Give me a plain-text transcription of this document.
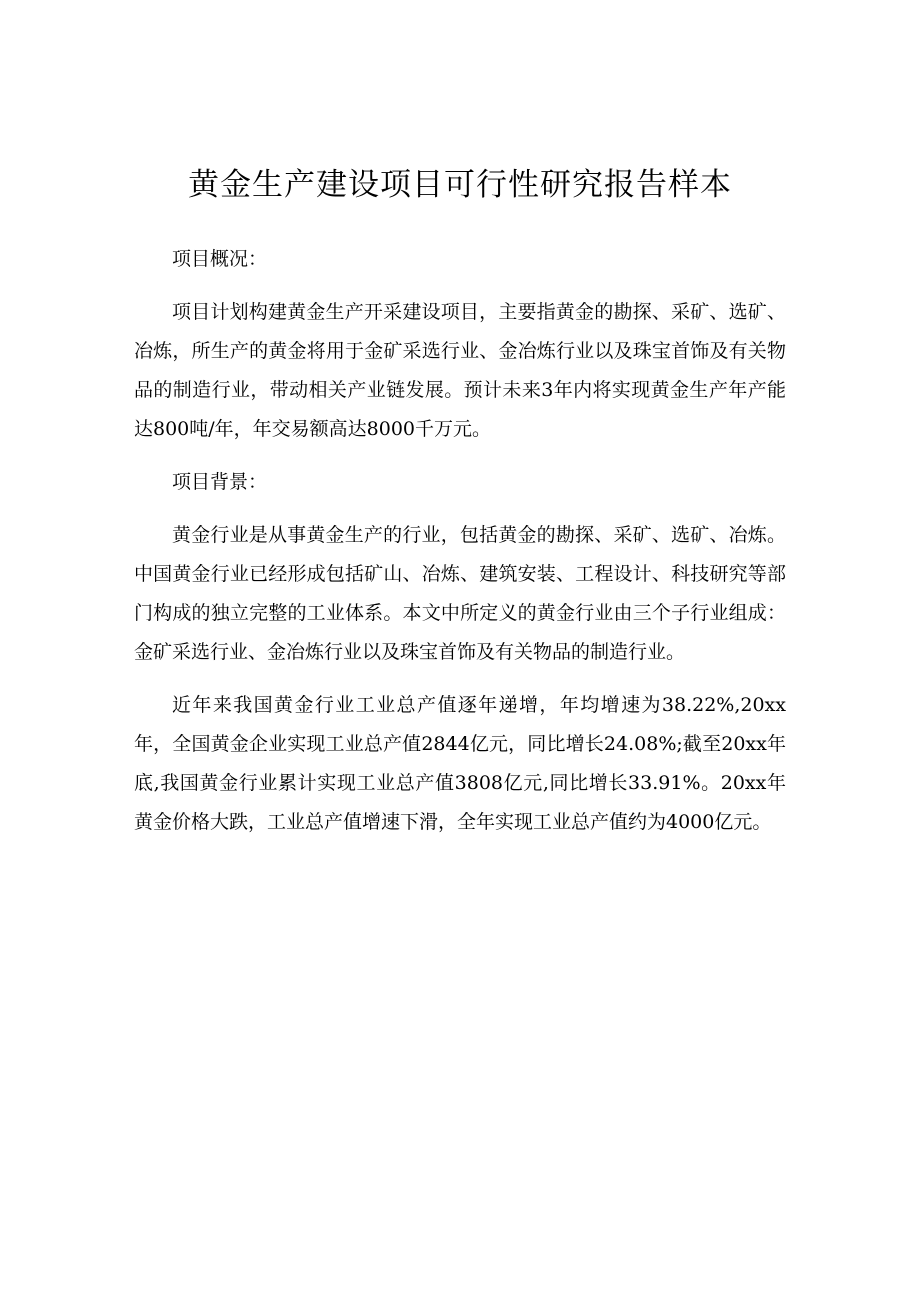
黄金生产建设项目可行性研究报告样本

项目概况：

项目计划构建黄金生产开采建设项目，主要指黄金的勘探、采矿、选矿、冶炼，所生产的黄金将用于金矿采选行业、金冶炼行业以及珠宝首饰及有关物品的制造行业，带动相关产业链发展。预计未来3年内将实现黄金生产年产能达800吨/年，年交易额高达8000千万元。

项目背景：

黄金行业是从事黄金生产的行业，包括黄金的勘探、采矿、选矿、冶炼。中国黄金行业已经形成包括矿山、冶炼、建筑安装、工程设计、科技研究等部门构成的独立完整的工业体系。本文中所定义的黄金行业由三个子行业组成：金矿采选行业、金冶炼行业以及珠宝首饰及有关物品的制造行业。

近年来我国黄金行业工业总产值逐年递增，年均增速为38.22%,20xx年，全国黄金企业实现工业总产值2844亿元，同比增长24.08%;截至20xx年底,我国黄金行业累计实现工业总产值3808亿元,同比增长33.91%。20xx年黄金价格大跌，工业总产值增速下滑，全年实现工业总产值约为4000亿元。
